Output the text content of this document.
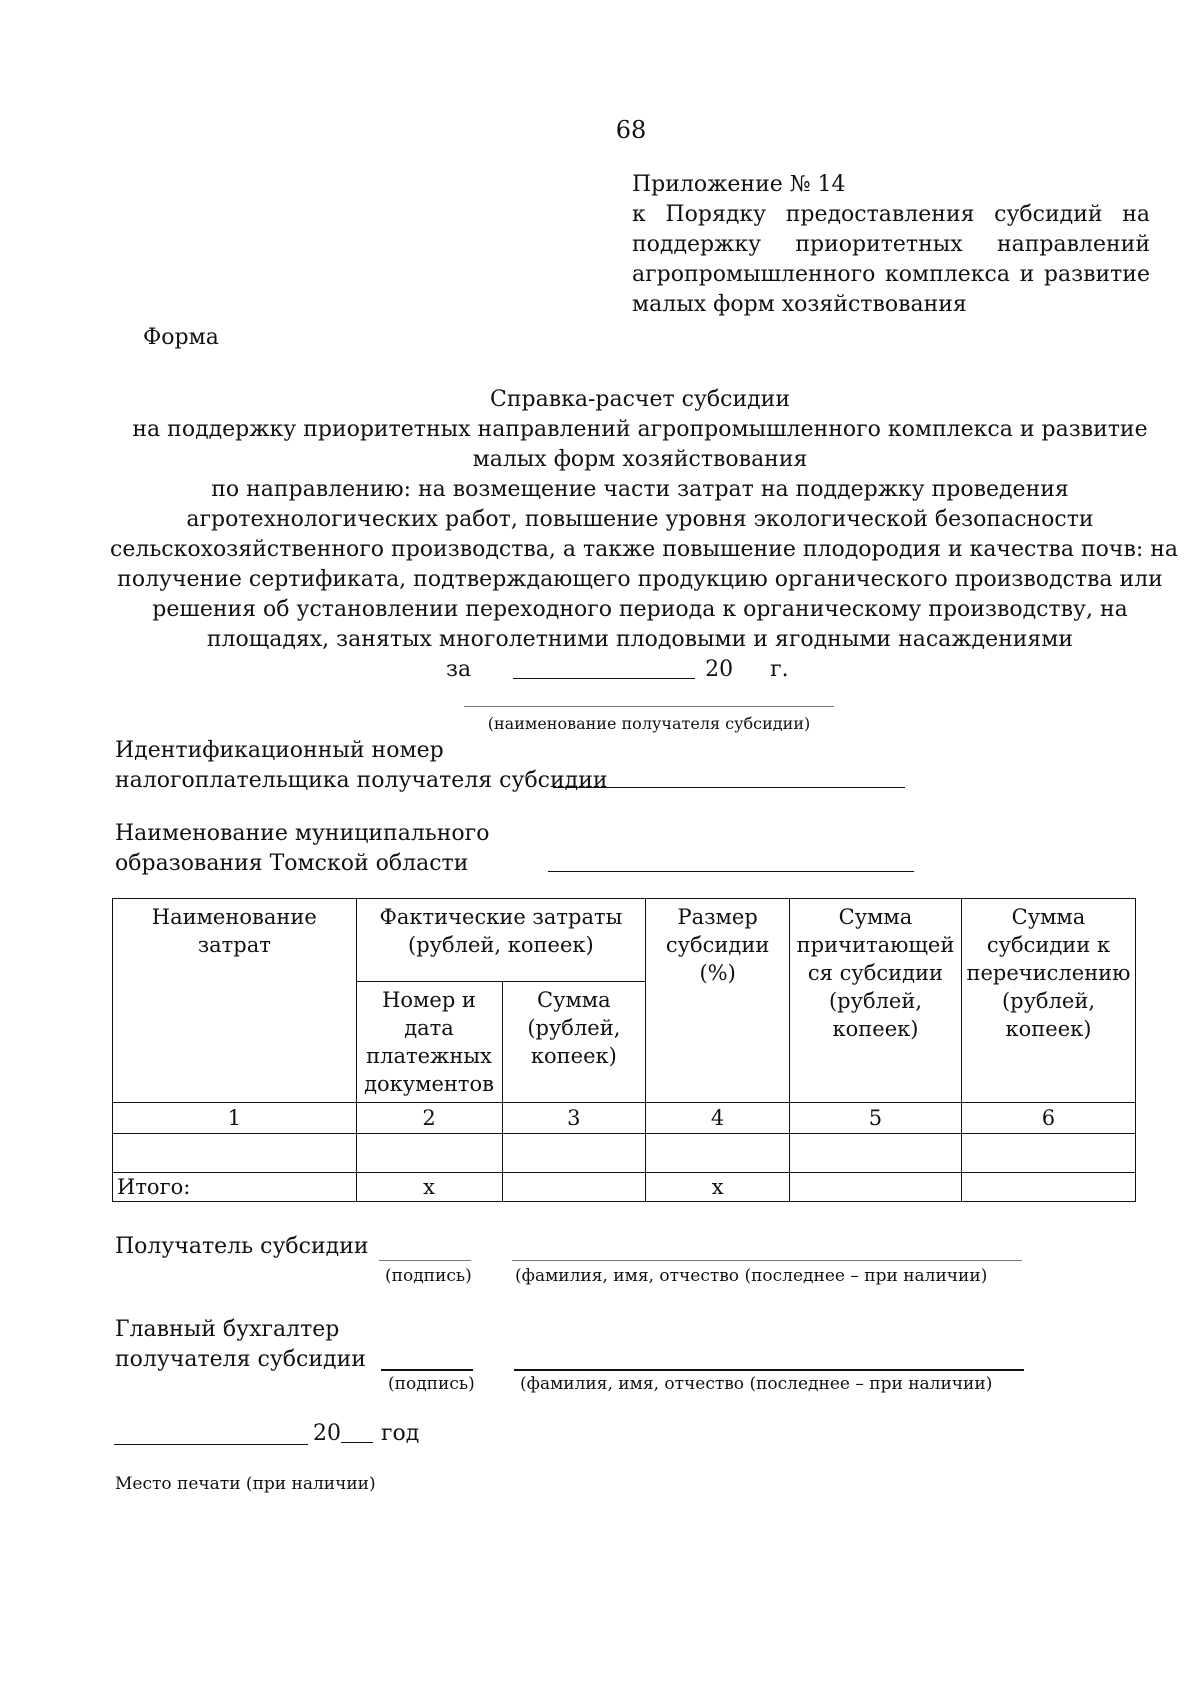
68
Приложение № 14
к Порядку предоставления субсидий на поддержку приоритетных направлений агропромышленного комплекса и развитие малых форм хозяйствования
Форма
Справка-расчет субсидии
на поддержку приоритетных направлений агропромышленного комплекса и развитие
малых форм хозяйствования
по направлению: на возмещение части затрат на поддержку проведения
агротехнологических работ, повышение уровня экологической безопасности
сельскохозяйственного производства, а также повышение плодородия и качества почв: на
получение сертификата, подтверждающего продукцию органического производства или
решения об установлении переходного периода к органическому производству, на
площадях, занятых многолетними плодовыми и ягодными насаждениями
за	20 г.
(наименование получателя субсидии)
Идентификационный номер
налогоплательщика получателя субсидии
Наименование муниципального
образования Томской области
Наименование затрат	Фактические затраты (рублей, копеек)		Размер субсидии (%)	Сумма причитающей ся субсидии (рублей, копеек)	Сумма субсидии к перечислению (рублей, копеек)
	Номер и дата платежных документов	Сумма (рублей, копеек)			
1	2	3	4	5	6

Итого:	х		х		
Получатель субсидии
(подпись)	(фамилия, имя, отчество (последнее – при наличии)
Главный бухгалтер
получателя субсидии
(подпись)	(фамилия, имя, отчество (последнее – при наличии)
20 год
Место печати (при наличии)
